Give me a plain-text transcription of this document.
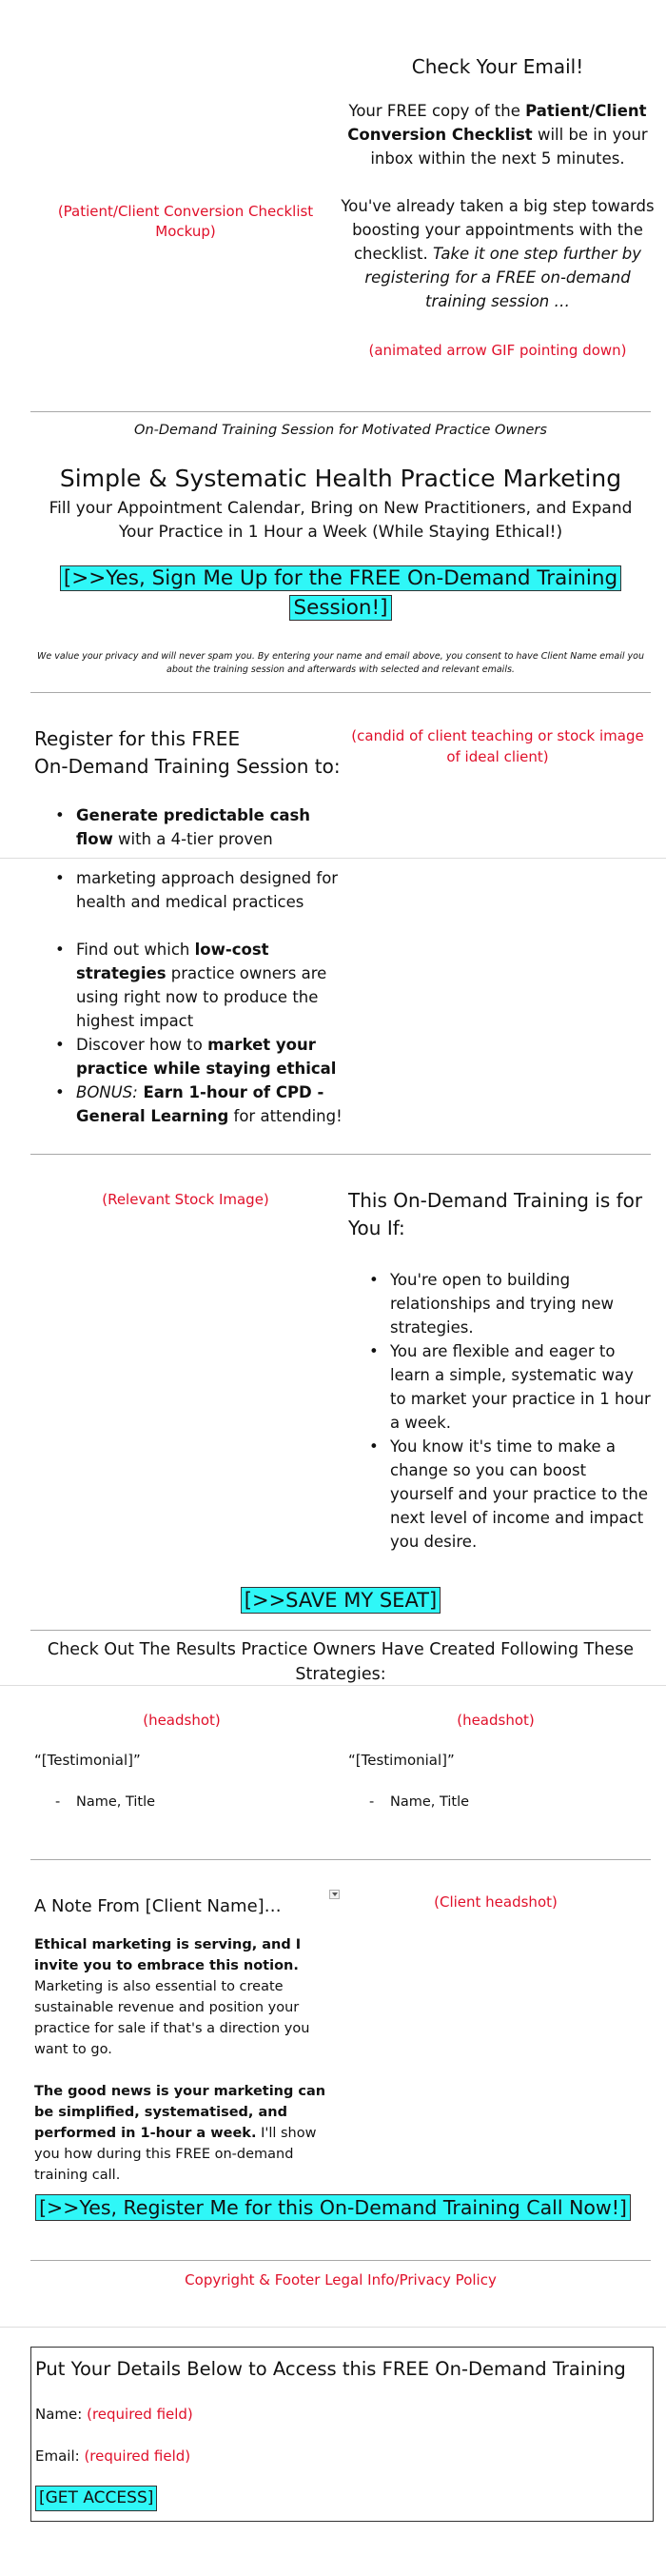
(Patient/Client Conversion Checklist Mockup)
Check Your Email!

Your FREE copy of the Patient/Client Conversion Checklist will be in your inbox within the next 5 minutes.

You've already taken a big step towards boosting your appointments with the checklist. Take it one step further by registering for a FREE on-demand training session …

(animated arrow GIF pointing down)
On-Demand Training Session for Motivated Practice Owners
Simple & Systematic Health Practice Marketing
Fill your Appointment Calendar, Bring on New Practitioners, and Expand Your Practice in 1 Hour a Week (While Staying Ethical!)
[>>Yes, Sign Me Up for the FREE On-Demand Training Session!]
We value your privacy and will never spam you. By entering your name and email above, you consent to have Client Name email you about the training session and afterwards with selected and relevant emails.
Register for this FREE
On-Demand Training Session to:
(candid of client teaching or stock image of ideal client)
• Generate predictable cash flow with a 4-tier proven
• marketing approach designed for health and medical practices
• Find out which low-cost strategies practice owners are using right now to produce the highest impact
• Discover how to market your practice while staying ethical
• BONUS: Earn 1-hour of CPD - General Learning for attending!
(Relevant Stock Image)	This On-Demand Training is for You If:
• You're open to building relationships and trying new strategies.
• You are flexible and eager to learn a simple, systematic way to market your practice in 1 hour a week.
• You know it's time to make a change so you can boost yourself and your practice to the next level of income and impact you desire.
[>>SAVE MY SEAT]
Check Out The Results Practice Owners Have Created Following These Strategies:
(headshot)
“[Testimonial]”
- Name, Title
(headshot)
“[Testimonial]”
- Name, Title
A Note From [Client Name]…	(Client headshot)

Ethical marketing is serving, and I invite you to embrace this notion. Marketing is also essential to create sustainable revenue and position your practice for sale if that's a direction you want to go.

The good news is your marketing can be simplified, systematised, and performed in 1-hour a week. I'll show you how during this FREE on-demand training call.

[>>Yes, Register Me for this On-Demand Training Call Now!]
Copyright & Footer Legal Info/Privacy Policy
Put Your Details Below to Access this FREE On-Demand Training
Name: (required field)
Email: (required field)
[GET ACCESS]
